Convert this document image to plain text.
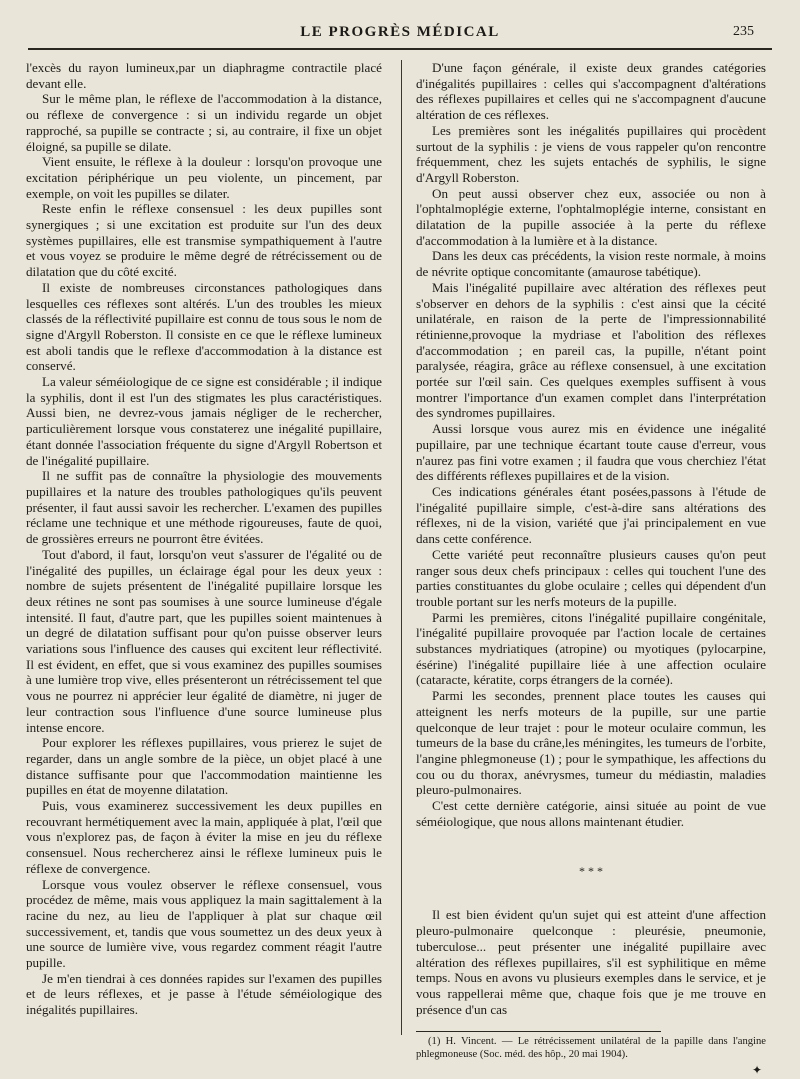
LE PROGRÈS MÉDICAL	235

l'excès du rayon lumineux,par un diaphragme contractile placé devant elle.

Sur le même plan, le réflexe de l'accommodation à la distance, ou réflexe de convergence : si un individu regarde un objet rapproché, sa pupille se contracte ; si, au contraire, il fixe un objet éloigné, sa pupille se dilate.

Vient ensuite, le réflexe à la douleur : lorsqu'on provoque une excitation périphérique un peu violente, un pincement, par exemple, on voit les pupilles se dilater.

Reste enfin le réflexe consensuel : les deux pupilles sont synergiques ; si une excitation est produite sur l'un des deux systèmes pupillaires, elle est transmise sympathiquement à l'autre et vous voyez se produire le même degré de rétrécissement ou de dilatation que du côté excité.

Il existe de nombreuses circonstances pathologiques dans lesquelles ces réflexes sont altérés. L'un des troubles les mieux classés de la réflectivité pupillaire est connu de tous sous le nom de signe d'Argyll Roberston. Il consiste en ce que le réflexe lumineux est aboli tandis que le reflexe d'accommodation à la distance est conservé.

La valeur séméiologique de ce signe est considérable ; il indique la syphilis, dont il est l'un des stigmates les plus caractéristiques. Aussi bien, ne devrez-vous jamais négliger de le rechercher, particulièrement lorsque vous constaterez une inégalité pupillaire, étant donnée l'association fréquente du signe d'Argyll Robertson et de l'inégalité pupillaire.

Il ne suffit pas de connaître la physiologie des mouvements pupillaires et la nature des troubles pathologiques qu'ils peuvent présenter, il faut aussi savoir les rechercher. L'examen des pupilles réclame une technique et une méthode rigoureuses, faute de quoi, de grossières erreurs ne pourront être évitées.

Tout d'abord, il faut, lorsqu'on veut s'assurer de l'égalité ou de l'inégalité des pupilles, un éclairage égal pour les deux yeux : nombre de sujets présentent de l'inégalité pupillaire lorsque les deux rétines ne sont pas soumises à une source lumineuse d'égale intensité. Il faut, d'autre part, que les pupilles soient maintenues à un degré de dilatation suffisant pour qu'on puisse observer leurs variations sous l'influence des causes qui excitent leur réflectivité. Il est évident, en effet, que si vous examinez des pupilles soumises à une lumière trop vive, elles présenteront un rétrécissement tel que vous ne pourrez ni apprécier leur égalité de diamètre, ni juger de leur contraction sous l'influence d'une source lumineuse plus intense encore.

Pour explorer les réflexes pupillaires, vous prierez le sujet de regarder, dans un angle sombre de la pièce, un objet placé à une distance suffisante pour que l'accommodation maintienne les pupilles en état de moyenne dilatation.

Puis, vous examinerez successivement les deux pupilles en recouvrant hermétiquement avec la main, appliquée à plat, l'œil que vous n'explorez pas, de façon à éviter la mise en jeu du réflexe consensuel. Nous rechercherez ainsi le réflexe lumineux puis le réflexe de convergence.

Lorsque vous voulez observer le réflexe consensuel, vous procédez de même, mais vous appliquez la main sagittalement à la racine du nez, au lieu de l'appliquer à plat sur chaque œil successivement, et, tandis que vous soumettez un des deux yeux à une source de lumière vive, vous regardez comment réagit l'autre pupille.

Je m'en tiendrai à ces données rapides sur l'examen des pupilles et de leurs réflexes, et je passe à l'étude séméiologique des inégalités pupillaires.

D'une façon générale, il existe deux grandes catégories d'inégalités pupillaires : celles qui s'accompagnent d'altérations des réflexes pupillaires et celles qui ne s'accompagnent d'aucune altération de ces réflexes.

Les premières sont les inégalités pupillaires qui procèdent surtout de la syphilis : je viens de vous rappeler qu'on rencontre fréquemment, chez les sujets entachés de syphilis, le signe d'Argyll Roberston.

On peut aussi observer chez eux, associée ou non à l'ophtalmoplégie externe, l'ophtalmoplégie interne, consistant en dilatation de la pupille associée à la perte du réflexe d'accommodation à la lumière et à la distance.

Dans les deux cas précédents, la vision reste normale, à moins de névrite optique concomitante (amaurose tabétique).

Mais l'inégalité pupillaire avec altération des réflexes peut s'observer en dehors de la syphilis : c'est ainsi que la cécité unilatérale, en raison de la perte de l'impressionnabilité rétinienne,provoque la mydriase et l'abolition des réflexes d'accommodation ; en pareil cas, la pupille, n'étant point paralysée, réagira, grâce au réflexe consensuel, à une excitation portée sur l'œil sain. Ces quelques exemples suffisent à vous montrer l'importance d'un examen complet dans l'interprétation des syndromes pupillaires.

Aussi lorsque vous aurez mis en évidence une inégalité pupillaire, par une technique écartant toute cause d'erreur, vous n'aurez pas fini votre examen ; il faudra que vous cherchiez l'état des différents réflexes pupillaires et de la vision.

Ces indications générales étant posées,passons à l'étude de l'inégalité pupillaire simple, c'est-à-dire sans altérations des réflexes, ni de la vision, variété que j'ai principalement en vue dans cette conférence.

Cette variété peut reconnaître plusieurs causes qu'on peut ranger sous deux chefs principaux : celles qui touchent l'une des parties constituantes du globe oculaire ; celles qui dépendent d'un trouble portant sur les nerfs moteurs de la pupille.

Parmi les premières, citons l'inégalité pupillaire congénitale, l'inégalité pupillaire provoquée par l'action locale de certaines substances mydriatiques (atropine) ou myotiques (pylocarpine, ésérine) l'inégalité pupillaire liée à une affection oculaire (cataracte, kératite, corps étrangers de la cornée).

Parmi les secondes, prennent place toutes les causes qui atteignent les nerfs moteurs de la pupille, sur une partie quelconque de leur trajet : pour le moteur oculaire commun, les tumeurs de la base du crâne,les méningites, les tumeurs de l'orbite, l'angine phlegmoneuse (1) ; pour le sympathique, les affections du cou ou du thorax, anévrysmes, tumeur du médiastin, maladies pleuro-pulmonaires.

C'est cette dernière catégorie, ainsi située au point de vue séméiologique, que nous allons maintenant étudier.

* * *

Il est bien évident qu'un sujet qui est atteint d'une affection pleuro-pulmonaire quelconque : pleurésie, pneumonie, tuberculose... peut présenter une inégalité pupillaire avec altération des réflexes pupillaires, s'il est syphilitique en même temps. Nous en avons vu plusieurs exemples dans le service, et je vous rappellerai même que, chaque fois que je me trouve en présence d'un cas

(1) H. Vincent. — Le rétrécissement unilatéral de la papille dans l'angine phlegmoneuse (Soc. méd. des hôp., 20 mai 1904).
✦
